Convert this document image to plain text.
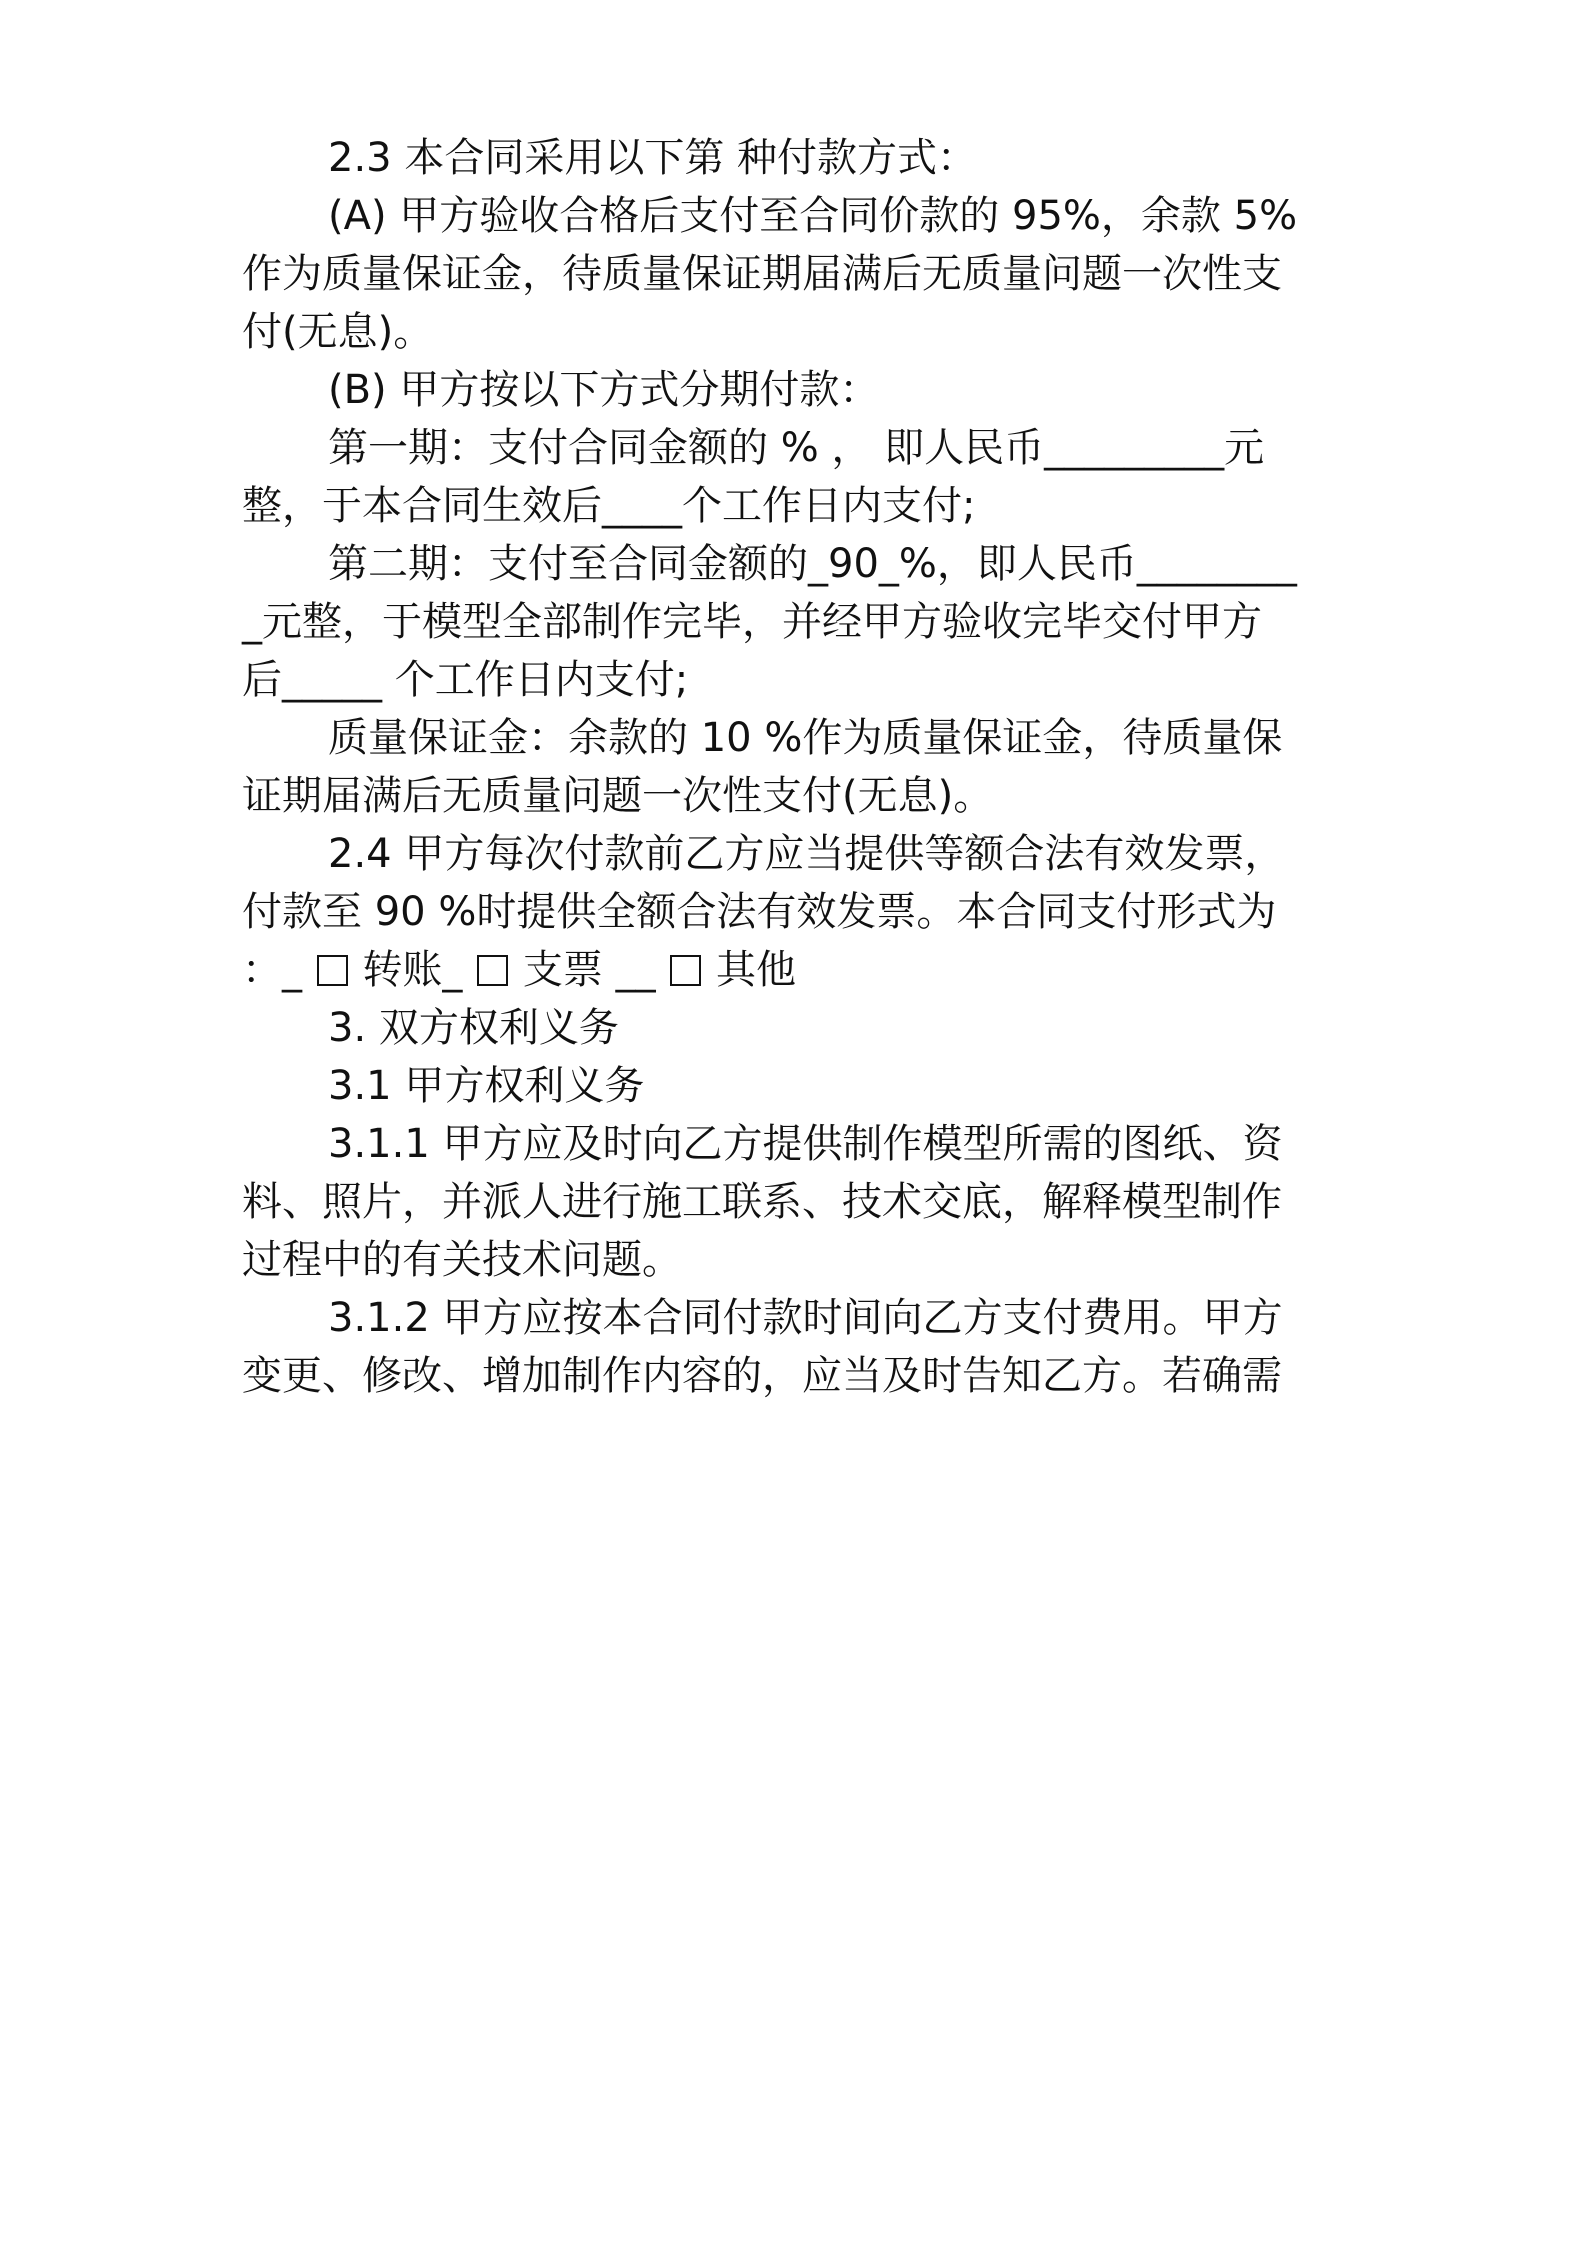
2.3 本合同采用以下第 种付款方式：
(A) 甲方验收合格后支付至合同价款的 95%，余款 5%
作为质量保证金，待质量保证期届满后无质量问题一次性支
付(无息)。
(B) 甲方按以下方式分期付款：
第一期：支付合同金额的 % ， 即人民币_________元
整，于本合同生效后____个工作日内支付;
第二期：支付至合同金额的_90_%，即人民币________
_元整，于模型全部制作完毕，并经甲方验收完毕交付甲方
后_____ 个工作日内支付;
质量保证金：余款的 10 %作为质量保证金，待质量保
证期届满后无质量问题一次性支付(无息)。
2.4 甲方每次付款前乙方应当提供等额合法有效发票，
付款至 90 %时提供全额合法有效发票。本合同支付形式为
：_  转账_ 支票 __ 其他
3. 双方权利义务
3.1 甲方权利义务
3.1.1 甲方应及时向乙方提供制作模型所需的图纸、资
料、照片，并派人进行施工联系、技术交底，解释模型制作
过程中的有关技术问题。
3.1.2 甲方应按本合同付款时间向乙方支付费用。甲方
变更、修改、增加制作内容的，应当及时告知乙方。若确需
